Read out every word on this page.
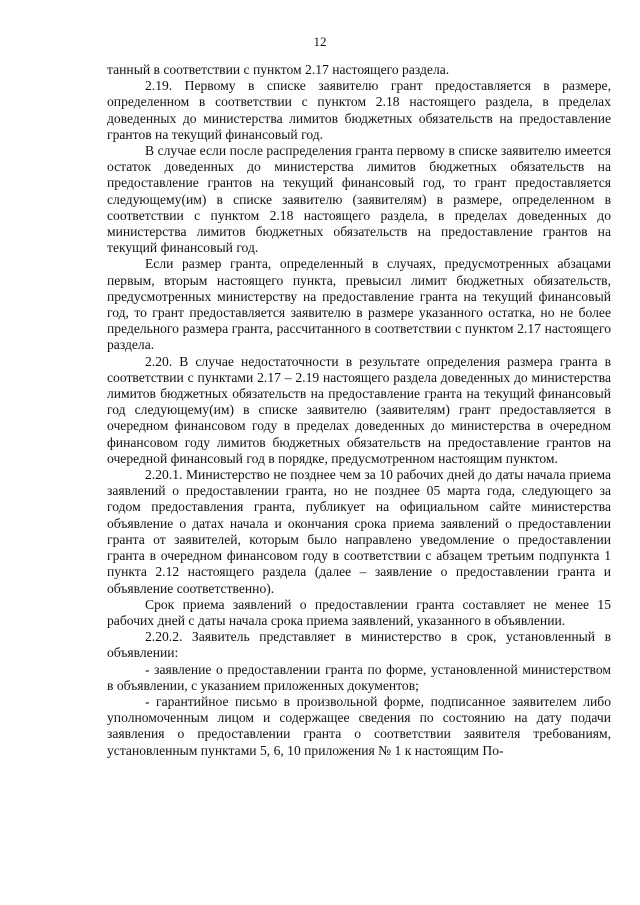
12

танный в соответствии с пунктом 2.17 настоящего раздела.

2.19. Первому в списке заявителю грант предоставляется в размере, определенном в соответствии с пунктом 2.18 настоящего раздела, в пределах доведенных до министерства лимитов бюджетных обязательств на предоставление грантов на текущий финансовый год.

В случае если после распределения гранта первому в списке заявителю имеется остаток доведенных до министерства лимитов бюджетных обязательств на предоставление грантов на текущий финансовый год, то грант предоставляется следующему(им) в списке заявителю (заявителям) в размере, определенном в соответствии с пунктом 2.18 настоящего раздела, в пределах доведенных до министерства лимитов бюджетных обязательств на предоставление грантов на текущий финансовый год.

Если размер гранта, определенный в случаях, предусмотренных абзацами первым, вторым настоящего пункта, превысил лимит бюджетных обязательств, предусмотренных министерству на предоставление гранта на текущий финансовый год, то грант предоставляется заявителю в размере указанного остатка, но не более предельного размера гранта, рассчитанного в соответствии с пунктом 2.17 настоящего раздела.

2.20. В случае недостаточности в результате определения размера гранта в соответствии с пунктами 2.17 – 2.19 настоящего раздела доведенных до министерства лимитов бюджетных обязательств на предоставление гранта на текущий финансовый год следующему(им) в списке заявителю (заявителям) грант предоставляется в очередном финансовом году в пределах доведенных до министерства в очередном финансовом году лимитов бюджетных обязательств на предоставление грантов на очередной финансовый год в порядке, предусмотренном настоящим пунктом.

2.20.1. Министерство не позднее чем за 10 рабочих дней до даты начала приема заявлений о предоставлении гранта, но не позднее 05 марта года, следующего за годом предоставления гранта, публикует на официальном сайте министерства объявление о датах начала и окончания срока приема заявлений о предоставлении гранта от заявителей, которым было направлено уведомление о предоставлении гранта в очередном финансовом году в соответствии с абзацем третьим подпункта 1 пункта 2.12 настоящего раздела (далее – заявление о предоставлении гранта и объявление соответственно).

Срок приема заявлений о предоставлении гранта составляет не менее 15 рабочих дней с даты начала срока приема заявлений, указанного в объявлении.

2.20.2. Заявитель представляет в министерство в срок, установленный в объявлении:

- заявление о предоставлении гранта по форме, установленной министерством в объявлении, с указанием приложенных документов;

- гарантийное письмо в произвольной форме, подписанное заявителем либо уполномоченным лицом и содержащее сведения по состоянию на дату подачи заявления о предоставлении гранта о соответствии заявителя требованиям, установленным пунктами 5, 6, 10 приложения № 1 к настоящим По-
